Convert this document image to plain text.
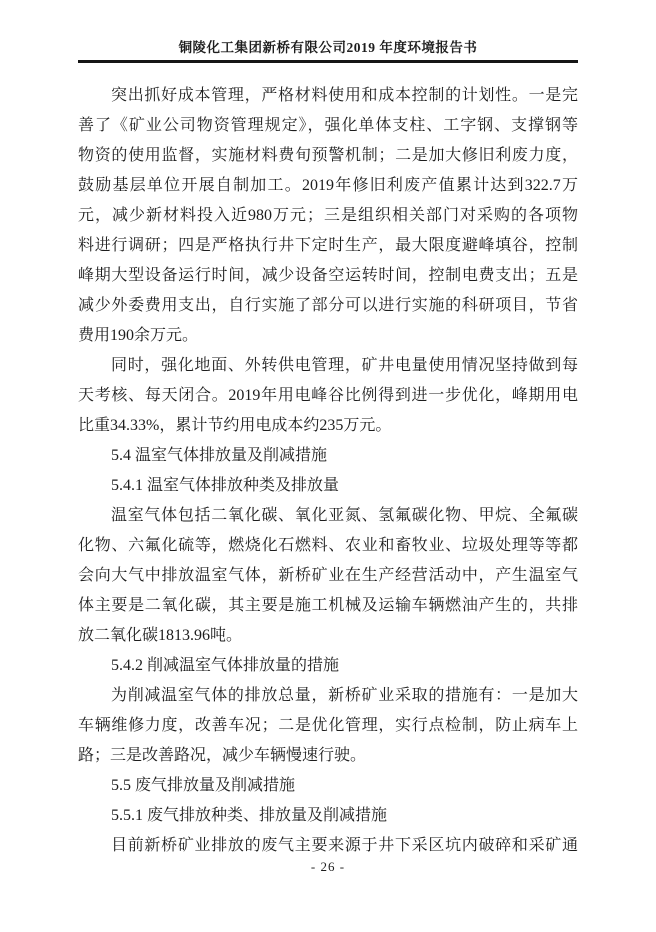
铜陵化工集团新桥有限公司2019 年度环境报告书
突出抓好成本管理，严格材料使用和成本控制的计划性。一是完
善了《矿业公司物资管理规定》，强化单体支柱、工字钢、支撑钢等
物资的使用监督，实施材料费旬预警机制；二是加大修旧利废力度，
鼓励基层单位开展自制加工。2019年修旧利废产值累计达到322.7万
元，减少新材料投入近980万元；三是组织相关部门对采购的各项物
料进行调研；四是严格执行井下定时生产，最大限度避峰填谷，控制
峰期大型设备运行时间，减少设备空运转时间，控制电费支出；五是
减少外委费用支出，自行实施了部分可以进行实施的科研项目，节省
费用190余万元。
同时，强化地面、外转供电管理，矿井电量使用情况坚持做到每
天考核、每天闭合。2019年用电峰谷比例得到进一步优化，峰期用电
比重34.33%，累计节约用电成本约235万元。
5.4 温室气体排放量及削减措施
5.4.1 温室气体排放种类及排放量
温室气体包括二氧化碳、氧化亚氮、氢氟碳化物、甲烷、全氟碳
化物、六氟化硫等，燃烧化石燃料、农业和畜牧业、垃圾处理等等都
会向大气中排放温室气体，新桥矿业在生产经营活动中，产生温室气
体主要是二氧化碳，其主要是施工机械及运输车辆燃油产生的，共排
放二氧化碳1813.96吨。
5.4.2 削减温室气体排放量的措施
为削减温室气体的排放总量，新桥矿业采取的措施有：一是加大
车辆维修力度，改善车况；二是优化管理，实行点检制，防止病车上
路；三是改善路况，减少车辆慢速行驶。
5.5 废气排放量及削减措施
5.5.1 废气排放种类、排放量及削减措施
目前新桥矿业排放的废气主要来源于井下采区坑内破碎和采矿通
- 26 -
